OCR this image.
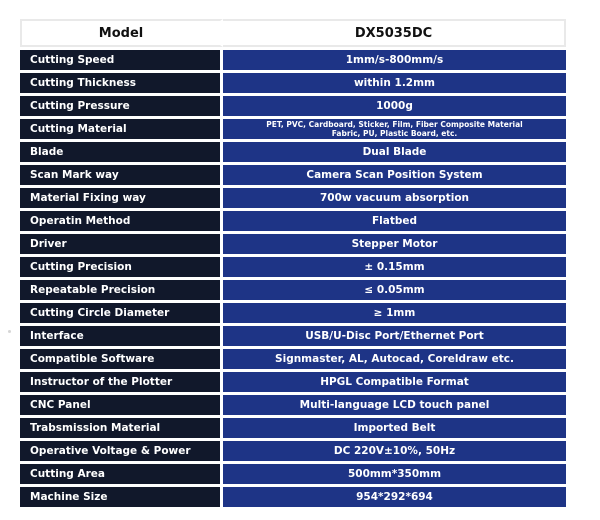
Model	DX5035DC
Cutting Speed	1mm/s-800mm/s
Cutting Thickness	within 1.2mm
Cutting Pressure	1000g
Cutting Material	PET, PVC, Cardboard, Sticker, Film, Fiber Composite Material
Fabric, PU, Plastic Board, etc.
Blade	Dual Blade
Scan Mark way	Camera Scan Position System
Material Fixing way	700w vacuum absorption
Operatin Method	Flatbed
Driver	Stepper Motor
Cutting Precision	± 0.15mm
Repeatable Precision	≤ 0.05mm
Cutting Circle Diameter	≥ 1mm
Interface	USB/U-Disc Port/Ethernet Port
Compatible Software	Signmaster, AL, Autocad, Coreldraw etc.
Instructor of the Plotter	HPGL Compatible Format
CNC Panel	Multi-language LCD touch panel
Trabsmission Material	Imported Belt
Operative Voltage & Power	DC 220V±10%, 50Hz
Cutting Area	500mm*350mm
Machine Size	954*292*694
